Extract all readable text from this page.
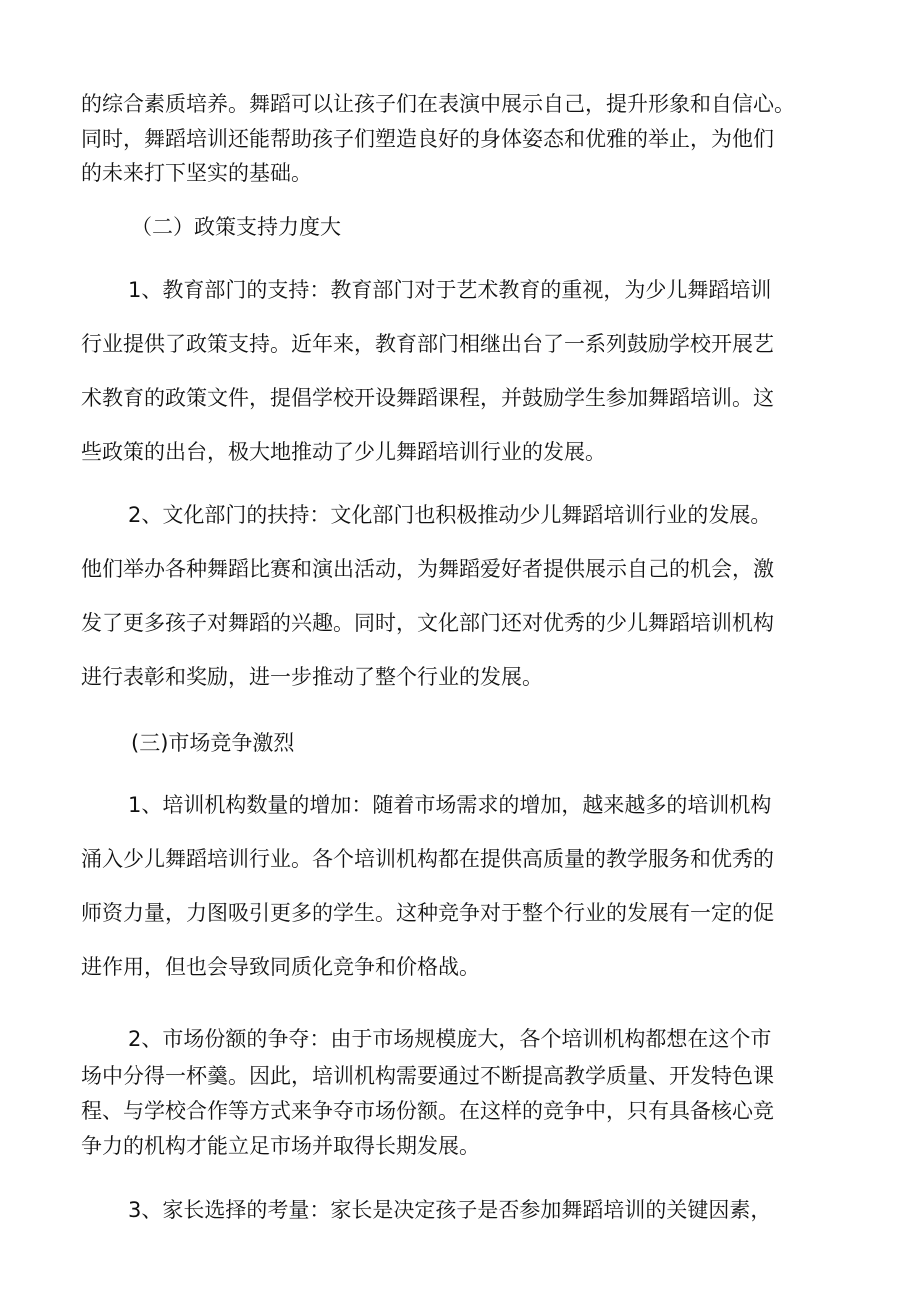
的综合素质培养。舞蹈可以让孩子们在表演中展示自己，提升形象和自信心。

同时，舞蹈培训还能帮助孩子们塑造良好的身体姿态和优雅的举止，为他们

的未来打下坚实的基础。

（二）政策支持力度大

1、教育部门的支持：教育部门对于艺术教育的重视，为少儿舞蹈培训

行业提供了政策支持。近年来，教育部门相继出台了一系列鼓励学校开展艺

术教育的政策文件，提倡学校开设舞蹈课程，并鼓励学生参加舞蹈培训。这

些政策的出台，极大地推动了少儿舞蹈培训行业的发展。

2、文化部门的扶持：文化部门也积极推动少儿舞蹈培训行业的发展。

他们举办各种舞蹈比赛和演出活动，为舞蹈爱好者提供展示自己的机会，激

发了更多孩子对舞蹈的兴趣。同时，文化部门还对优秀的少儿舞蹈培训机构

进行表彰和奖励，进一步推动了整个行业的发展。

(三)市场竞争激烈

1、培训机构数量的增加：随着市场需求的增加，越来越多的培训机构

涌入少儿舞蹈培训行业。各个培训机构都在提供高质量的教学服务和优秀的

师资力量，力图吸引更多的学生。这种竞争对于整个行业的发展有一定的促

进作用，但也会导致同质化竞争和价格战。

2、市场份额的争夺：由于市场规模庞大，各个培训机构都想在这个市

场中分得一杯羹。因此，培训机构需要通过不断提高教学质量、开发特色课

程、与学校合作等方式来争夺市场份额。在这样的竞争中，只有具备核心竞

争力的机构才能立足市场并取得长期发展。

3、家长选择的考量：家长是决定孩子是否参加舞蹈培训的关键因素，
